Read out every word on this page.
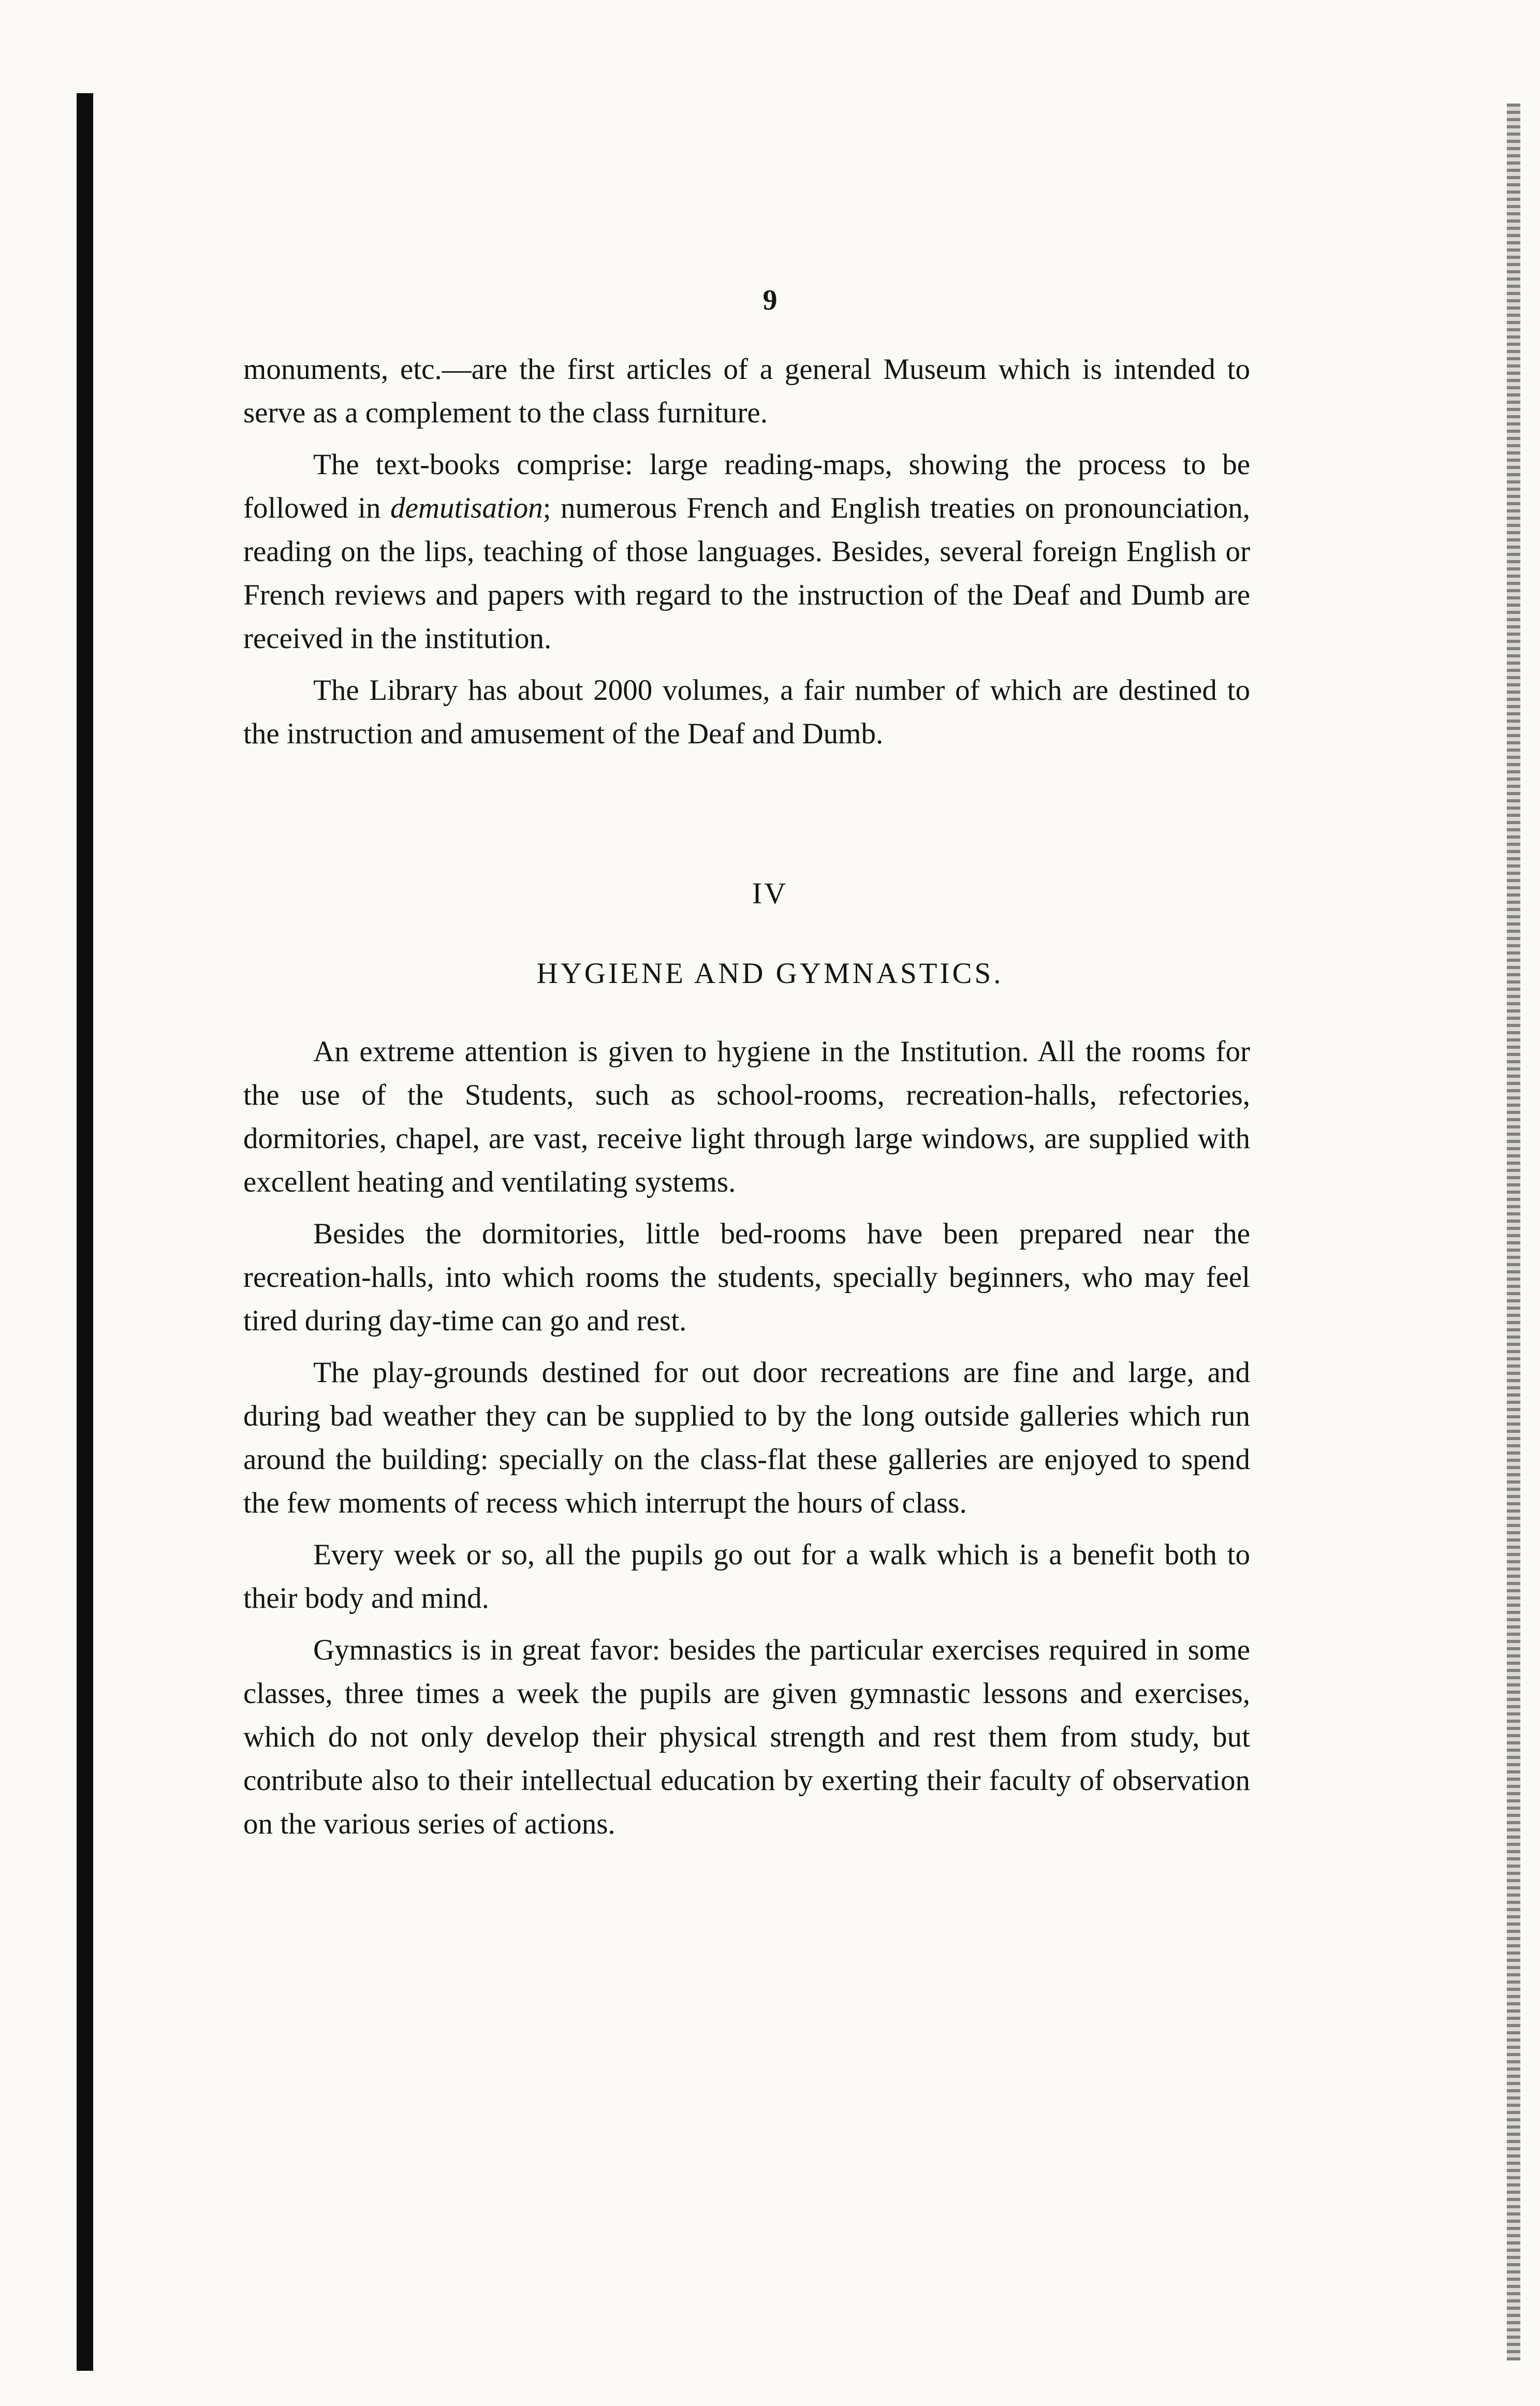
9

monuments, etc.—are the first articles of a general Museum which is intended to serve as a complement to the class furniture.

The text-books comprise: large reading-maps, showing the process to be followed in demutisation; numerous French and English treaties on pronounciation, reading on the lips, teaching of those languages. Besides, several foreign English or French reviews and papers with regard to the instruction of the Deaf and Dumb are received in the institution.

The Library has about 2000 volumes, a fair number of which are destined to the instruction and amusement of the Deaf and Dumb.

IV
HYGIENE AND GYMNASTICS.

An extreme attention is given to hygiene in the Institution. All the rooms for the use of the Students, such as school-rooms, recreation-halls, refectories, dormitories, chapel, are vast, receive light through large windows, are supplied with excellent heating and ventilating systems.

Besides the dormitories, little bed-rooms have been prepared near the recreation-halls, into which rooms the students, specially beginners, who may feel tired during day-time can go and rest.

The play-grounds destined for out door recreations are fine and large, and during bad weather they can be supplied to by the long outside galleries which run around the building: specially on the class-flat these galleries are enjoyed to spend the few moments of recess which interrupt the hours of class.

Every week or so, all the pupils go out for a walk which is a benefit both to their body and mind.

Gymnastics is in great favor: besides the particular exercises required in some classes, three times a week the pupils are given gymnastic lessons and exercises, which do not only develop their physical strength and rest them from study, but contribute also to their intellectual education by exerting their faculty of observation on the various series of actions.
